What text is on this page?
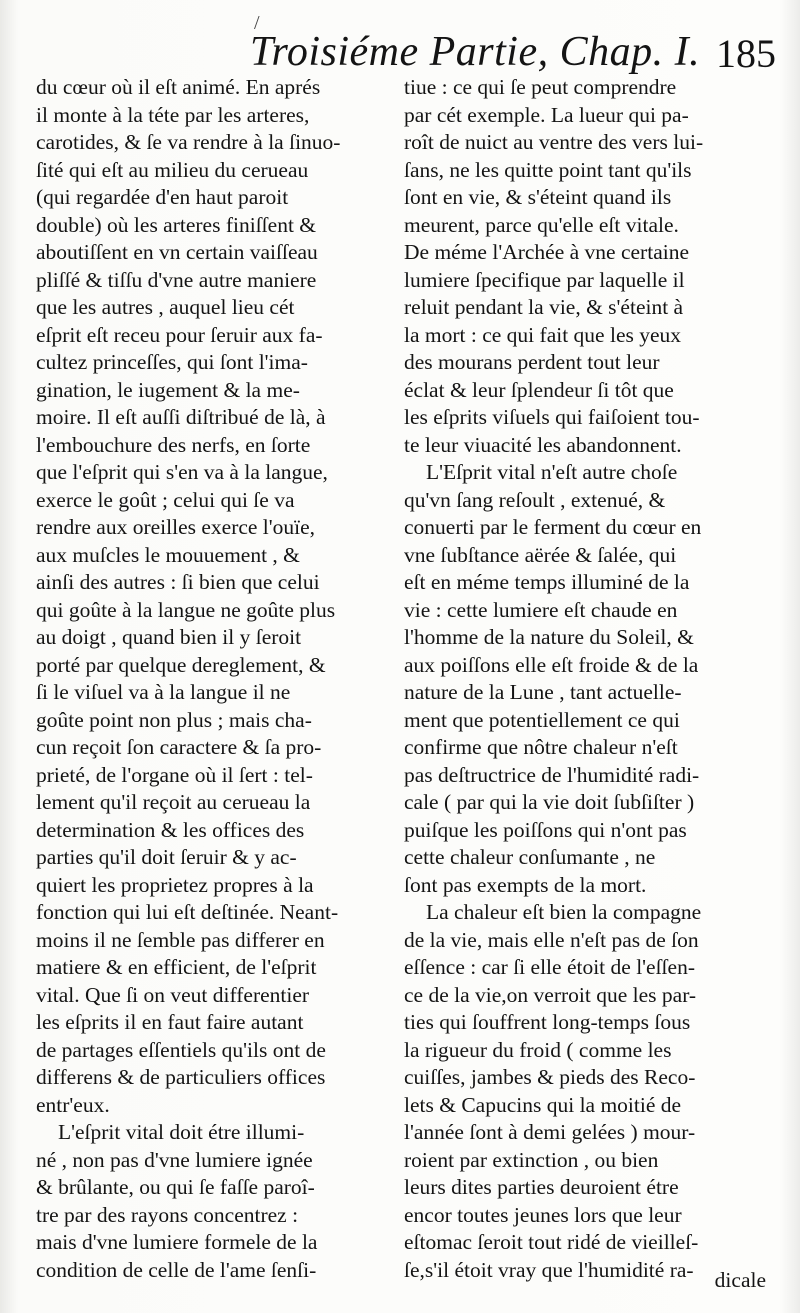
/
Troisiéme Partie, Chap. I. 185
du cœur où il eſt animé. En aprés
il monte à la téte par les arteres,
carotides, & ſe va rendre à la ſinuo-
ſité qui eſt au milieu du cerueau
(qui regardée d'en haut paroit
double) où les arteres finiſſent &
aboutiſſent en vn certain vaiſſeau
pliſſé & tiſſu d'vne autre maniere
que les autres , auquel lieu cét
eſprit eſt receu pour ſeruir aux fa-
cultez princeſſes, qui ſont l'ima-
gination, le iugement & la me-
moire. Il eſt auſſi diſtribué de là, à
l'embouchure des nerfs, en ſorte
que l'eſprit qui s'en va à la langue,
exerce le goût ; celui qui ſe va
rendre aux oreilles exerce l'ouïe,
aux muſcles le mouuement , &
ainſi des autres : ſi bien que celui
qui goûte à la langue ne goûte plus
au doigt , quand bien il y ſeroit
porté par quelque dereglement, &
ſi le viſuel va à la langue il ne
goûte point non plus ; mais cha-
cun reçoit ſon caractere & ſa pro-
prieté, de l'organe où il ſert : tel-
lement qu'il reçoit au cerueau la
determination & les offices des
parties qu'il doit ſeruir & y ac-
quiert les proprietez propres à la
fonction qui lui eſt deſtinée. Neant-
moins il ne ſemble pas differer en
matiere & en efficient, de l'eſprit
vital. Que ſi on veut differentier
les eſprits il en faut faire autant
de partages eſſentiels qu'ils ont de
differens & de particuliers offices
entr'eux.
L'eſprit vital doit étre illumi-
né , non pas d'vne lumiere ignée
& brûlante, ou qui ſe faſſe paroî-
tre par des rayons concentrez :
mais d'vne lumiere formele de la
condition de celle de l'ame ſenſi-
tiue : ce qui ſe peut comprendre
par cét exemple. La lueur qui pa-
roît de nuict au ventre des vers lui-
ſans, ne les quitte point tant qu'ils
ſont en vie, & s'éteint quand ils
meurent, parce qu'elle eſt vitale.
De méme l'Archée à vne certaine
lumiere ſpecifique par laquelle il
reluit pendant la vie, & s'éteint à
la mort : ce qui fait que les yeux
des mourans perdent tout leur
éclat & leur ſplendeur ſi tôt que
les eſprits viſuels qui faiſoient tou-
te leur viuacité les abandonnent.
L'Eſprit vital n'eſt autre choſe
qu'vn ſang reſoult , extenué, &
conuerti par le ferment du cœur en
vne ſubſtance aërée & ſalée, qui
eſt en méme temps illuminé de la
vie : cette lumiere eſt chaude en
l'homme de la nature du Soleil, &
aux poiſſons elle eſt froide & de la
nature de la Lune , tant actuelle-
ment que potentiellement ce qui
confirme que nôtre chaleur n'eſt
pas deſtructrice de l'humidité radi-
cale ( par qui la vie doit ſubſiſter )
puiſque les poiſſons qui n'ont pas
cette chaleur conſumante , ne
ſont pas exempts de la mort.
La chaleur eſt bien la compagne
de la vie, mais elle n'eſt pas de ſon
eſſence : car ſi elle étoit de l'eſſen-
ce de la vie,on verroit que les par-
ties qui ſouffrent long-temps ſous
la rigueur du froid ( comme les
cuiſſes, jambes & pieds des Reco-
lets & Capucins qui la moitié de
l'année ſont à demi gelées ) mour-
roient par extinction , ou bien
leurs dites parties deuroient étre
encor toutes jeunes lors que leur
eſtomac ſeroit tout ridé de vieilleſ-
ſe,s'il étoit vray que l'humidité ra- dicale
